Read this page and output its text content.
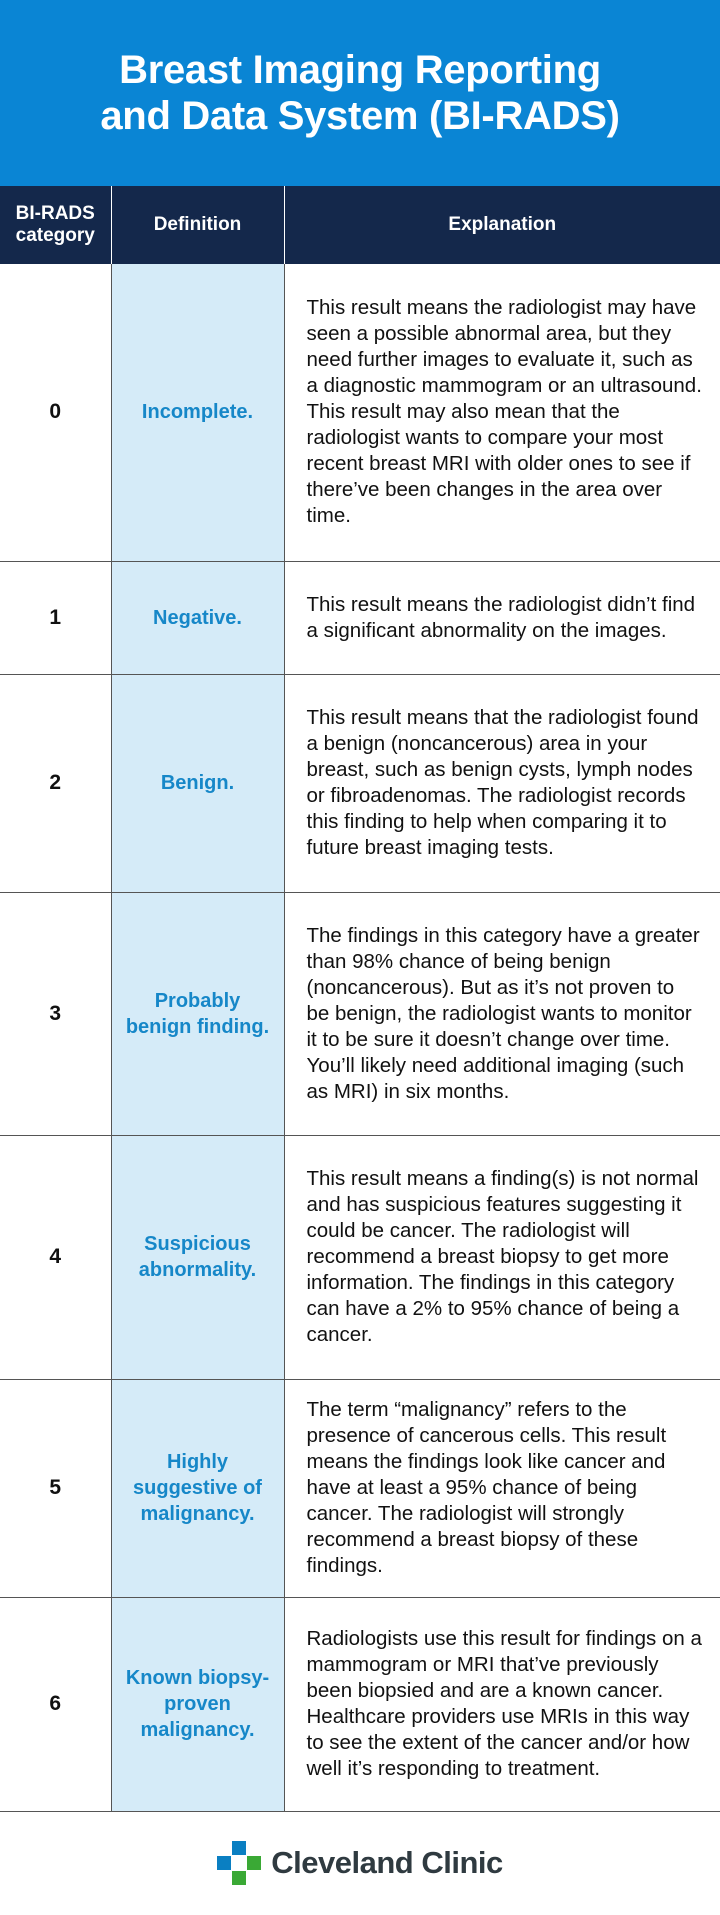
Breast Imaging Reporting
and Data System (BI-RADS)
BI-RADS category	Definition	Explanation
0	Incomplete.	This result means the radiologist may have seen a possible abnormal area, but they need further images to evaluate it, such as a diagnostic mammogram or an ultrasound.

This result may also mean that the radiologist wants to compare your most recent breast MRI with older ones to see if there’ve been changes in the area over time.

1	Negative.	This result means the radiologist didn’t find a significant abnormality on the images.

2	Benign.	This result means that the radiologist found a benign (noncancerous) area in your breast, such as benign cysts, lymph nodes or fibroadenomas. The radiologist records this finding to help when comparing it to future breast imaging tests.

3	Probably benign finding.	The findings in this category have a greater than 98% chance of being benign (noncancerous). But as it’s not proven to be benign, the radiologist wants to monitor it to be sure it doesn’t change over time. You’ll likely need additional imaging (such as MRI) in six months.

4	Suspicious abnormality.	This result means a finding(s) is not normal and has suspicious features suggesting it could be cancer. The radiologist will recommend a breast biopsy to get more information. The findings in this category can have a 2% to 95% chance of being a cancer.

5	Highly suggestive of malignancy.	The term “malignancy” refers to the presence of cancerous cells. This result means the findings look like cancer and have at least a 95% chance of being cancer. The radiologist will strongly recommend a breast biopsy of these findings.

6	Known biopsy-proven malignancy.	Radiologists use this result for findings on a mammogram or MRI that’ve previously been biopsied and are a known cancer. Healthcare providers use MRIs in this way to see the extent of the cancer and/or how well it’s responding to treatment.

Cleveland Clinic
